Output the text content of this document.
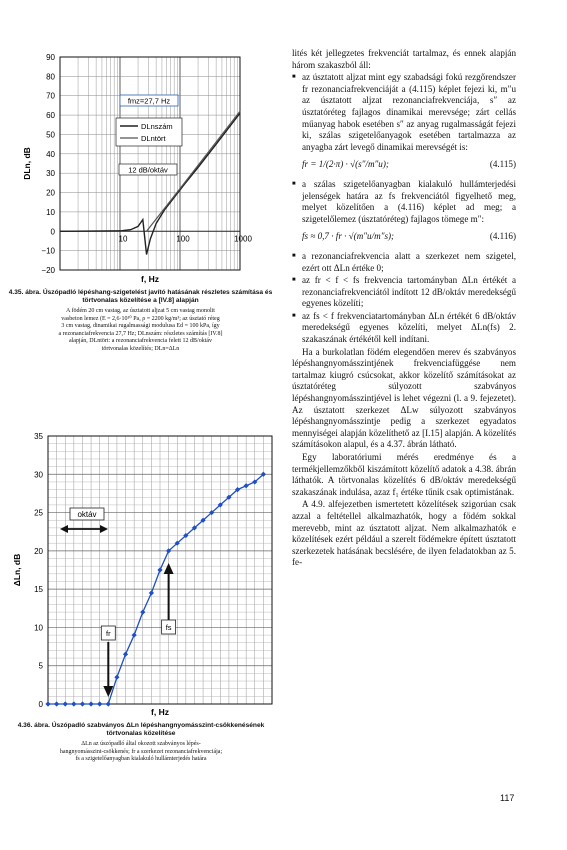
90
80
70
60
50
40
30
20
10
0
−10
−20
10	100	1000
f, Hz
DLn, dB
fmz=27,7 Hz
DLnszám
DLntört
12 dB/oktáv
35
30
25
20
15
10
5
0
f, Hz
ΔLn, dB
oktáv
fr
fs
4.35. ábra. Úszópadló lépéshang-szigetelést javító hatásának részletes számítása és törtvonalas közelítése a [IV.8] alapján
A födém 20 cm vastag, az úsztatott aljzat 5 cm vastag monolit
vasbeton lemez (E = 2,6·10¹⁰ Pa, ρ = 2200 kg/m³; az úsztató réteg
3 cm vastag, dinamikai rugalmassági modulusa Ed = 100 kPa, így
a rezonanciafrekvencia 27,7 Hz; DLnszám: részletes számítás [IV.8]
alapján, DLntört: a rezonanciafrekvencia felett 12 dB/oktáv
törtvonalas közelítés; DLn=ΔLn
4.36. ábra. Úszópadló szabványos ΔLn lépéshangnyomásszint-csökkenésének törtvonalas közelítése
ΔLn az úszópadló által okozott szabványos lépés-
hangnyomásszint-csökkenés; fr a szerkezet rezonanciafrekvenciája;
fs a szigetelőanyagban kialakuló hullámterjedés határa

lités két jellegzetes frekvenciát tartalmaz, és ennek alapján három szakaszból áll:

■ az úsztatott aljzat mint egy szabadsági fokú rezgőrendszer fr rezonanciafrekvenciáját a (4.115) képlet fejezi ki, m″u az úsztatott aljzat rezonanciafrekvenciája, s″ az úsztatóréteg fajlagos dinamikai merevsége; zárt cellás műanyag habok esetében s″ az anyag rugalmasságát fejezi ki, szálas szigetelőanyagok esetében tartalmazza az anyagba zárt levegő dinamikai merevségét is:

fr = 1/(2·π) · √(s″/m″u);	(4.115)

■ a szálas szigetelőanyagban kialakuló hullámterjedési jelenségek határa az fs frekvenciától figyelhető meg, melyet közelítően a (4.116) képlet ad meg; a szigetelőlemez (úsztatóréteg) fajlagos tömege m″:

fs ≈ 0,7 · fr · √(m″u/m″s);	(4.116)

■ a rezonanciafrekvencia alatt a szerkezet nem szigetel, ezért ott ΔLn értéke 0;

■ az fr < f < fs frekvencia tartományban ΔLn értékét a rezonanciafrekvenciától indított 12 dB/oktáv meredekségű egyenes közelíti;

■ az fs < f frekvenciatartományban ΔLn értékét 6 dB/oktáv meredekségű egyenes közelíti, melyet ΔLn(fs) 2. szakaszának értékétől kell indítani.

Ha a burkolatlan födém elegendően merev és szabványos lépéshangnyomásszintjének frekvenciafüggése nem tartalmaz kiugró csúcsokat, akkor közelítő számításokat az úsztatóréteg súlyozott szabványos lépéshangnyomásszintjével is lehet végezni (l. a 9. fejezetet). Az úsztatott szerkezet ΔLw súlyozott szabványos lépéshangnyomásszintje pedig a szerkezet egyadatos mennyiségei alapján közelíthető az [I.15] alapján. A közelítés számításokon alapul, és a 4.37. ábrán látható.

Egy laboratóriumi mérés eredménye és a termékjellemzőkből kiszámított közelítő adatok a 4.38. ábrán láthatók. A törtvonalas közelítés 6 dB/oktáv meredekségű szakaszának indulása, azaz f₁ értéke tűnik csak optimistának.

A 4.9. alfejezetben ismertetett közelítések szigorúan csak azzal a feltétellel alkalmazhatók, hogy a födém sokkal merevebb, mint az úsztatott aljzat. Nem alkalmazhatók e közelítések ezért például a szerelt födémekre épített úsztatott szerkezetek hatásának becslésére, de ilyen feladatokban az 5. fe-

117
